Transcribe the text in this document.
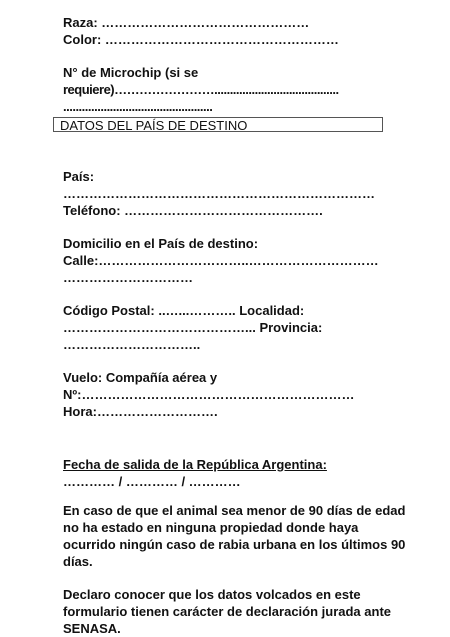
Raza: …………………………………………
Color: ………………………………………………
N° de Microchip (si se
requiere)……………………........................................
................................................
DATOS DEL PAÍS DE DESTINO
País:
………………………………………………………………
Teléfono: ……………………………………….
Domicilio en el País de destino:
Calle:……………………………..…………………………
…………………………
Código Postal: ..…...……….. Localidad:
……………………………………... Provincia:
…………………………..
Vuelo: Compañía aérea y
Nº:………………………………………………………
Hora:……………………….
Fecha de salida de la República Argentina:
………… / ………… / …………
En caso de que el animal sea menor de 90 días de edad no ha estado en ninguna propiedad donde haya ocurrido ningún caso de rabia urbana en los últimos 90 días.
Declaro conocer que los datos volcados en este formulario tienen carácter de declaración jurada ante SENASA.
